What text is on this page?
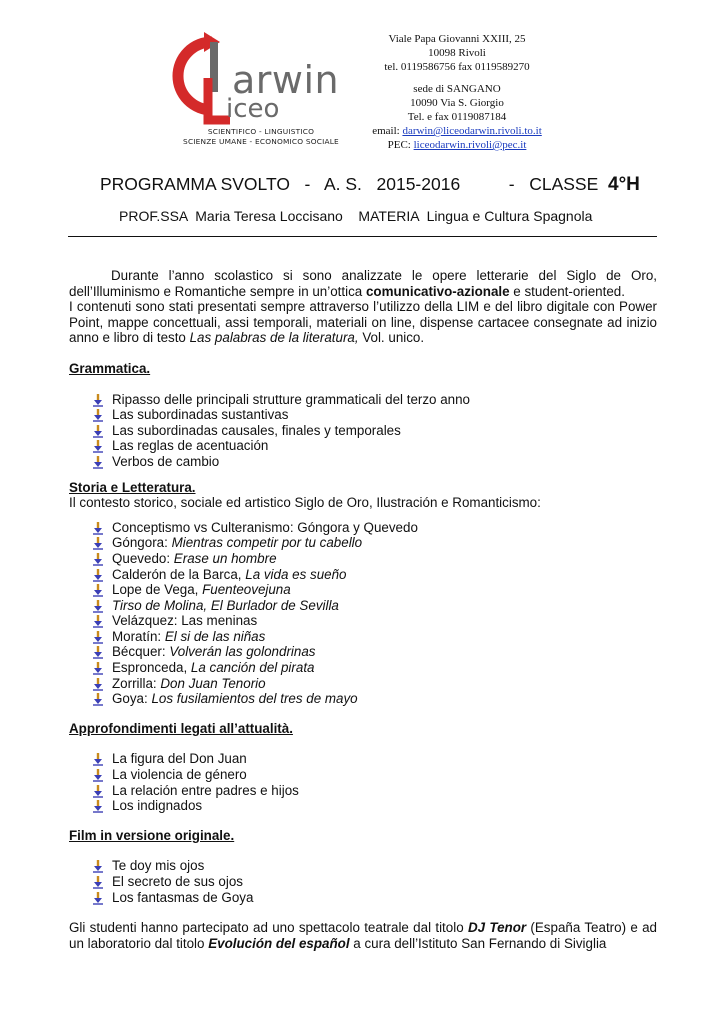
arwin
iceo
SCIENTIFICO - LINGUISTICO
SCIENZE UMANE - ECONOMICO SOCIALE
Viale Papa Giovanni XXIII, 25
10098 Rivoli
tel. 0119586756 fax 0119589270
sede di SANGANO
10090 Via S. Giorgio
Tel. e fax 0119087184
email: darwin@liceodarwin.rivoli.to.it
PEC: liceodarwin.rivoli@pec.it
PROGRAMMA SVOLTO   -   A. S.   2015-2016          -   CLASSE  4°H
PROF.SSA  Maria Teresa Loccisano    MATERIA  Lingua e Cultura Spagnola

Durante l’anno scolastico si sono analizzate le opere letterarie del Siglo de Oro, dell’Illuminismo e Romantiche sempre in un’ottica comunicativo-azionale e student-oriented.

I contenuti sono stati presentati sempre attraverso l’utilizzo della LIM e del libro digitale con Power Point, mappe concettuali, assi temporali, materiali on line, dispense cartacee consegnate ad inizio anno e libro di testo Las palabras de la literatura, Vol. unico.

Grammatica.

Ripasso delle principali strutture grammaticali del terzo anno
Las subordinadas sustantivas
Las subordinadas causales, finales y temporales
Las reglas de acentuación
Verbos de cambio

Storia e Letteratura.

Il contesto storico, sociale ed artistico Siglo de Oro, Ilustración e Romanticismo:

Conceptismo vs Culteranismo: Góngora y Quevedo
Góngora: Mientras competir por tu cabello
Quevedo: Erase un hombre
Calderón de la Barca, La vida es sueño
Lope de Vega, Fuenteovejuna
Tirso de Molina, El Burlador de Sevilla
Velázquez: Las meninas
Moratín: El si de las niñas
Bécquer: Volverán las golondrinas
Espronceda, La canción del pirata
Zorrilla: Don Juan Tenorio
Goya: Los fusilamientos del tres de mayo

Approfondimenti legati all’attualità.

La figura del Don Juan
La violencia de género
La relación entre padres e hijos
Los indignados

Film in versione originale.

Te doy mis ojos
El secreto de sus ojos
Los fantasmas de Goya

Gli studenti hanno partecipato ad uno spettacolo teatrale dal titolo DJ Tenor (España Teatro) e ad un laboratorio dal titolo Evolución del español a cura dell’Istituto San Fernando di Siviglia
